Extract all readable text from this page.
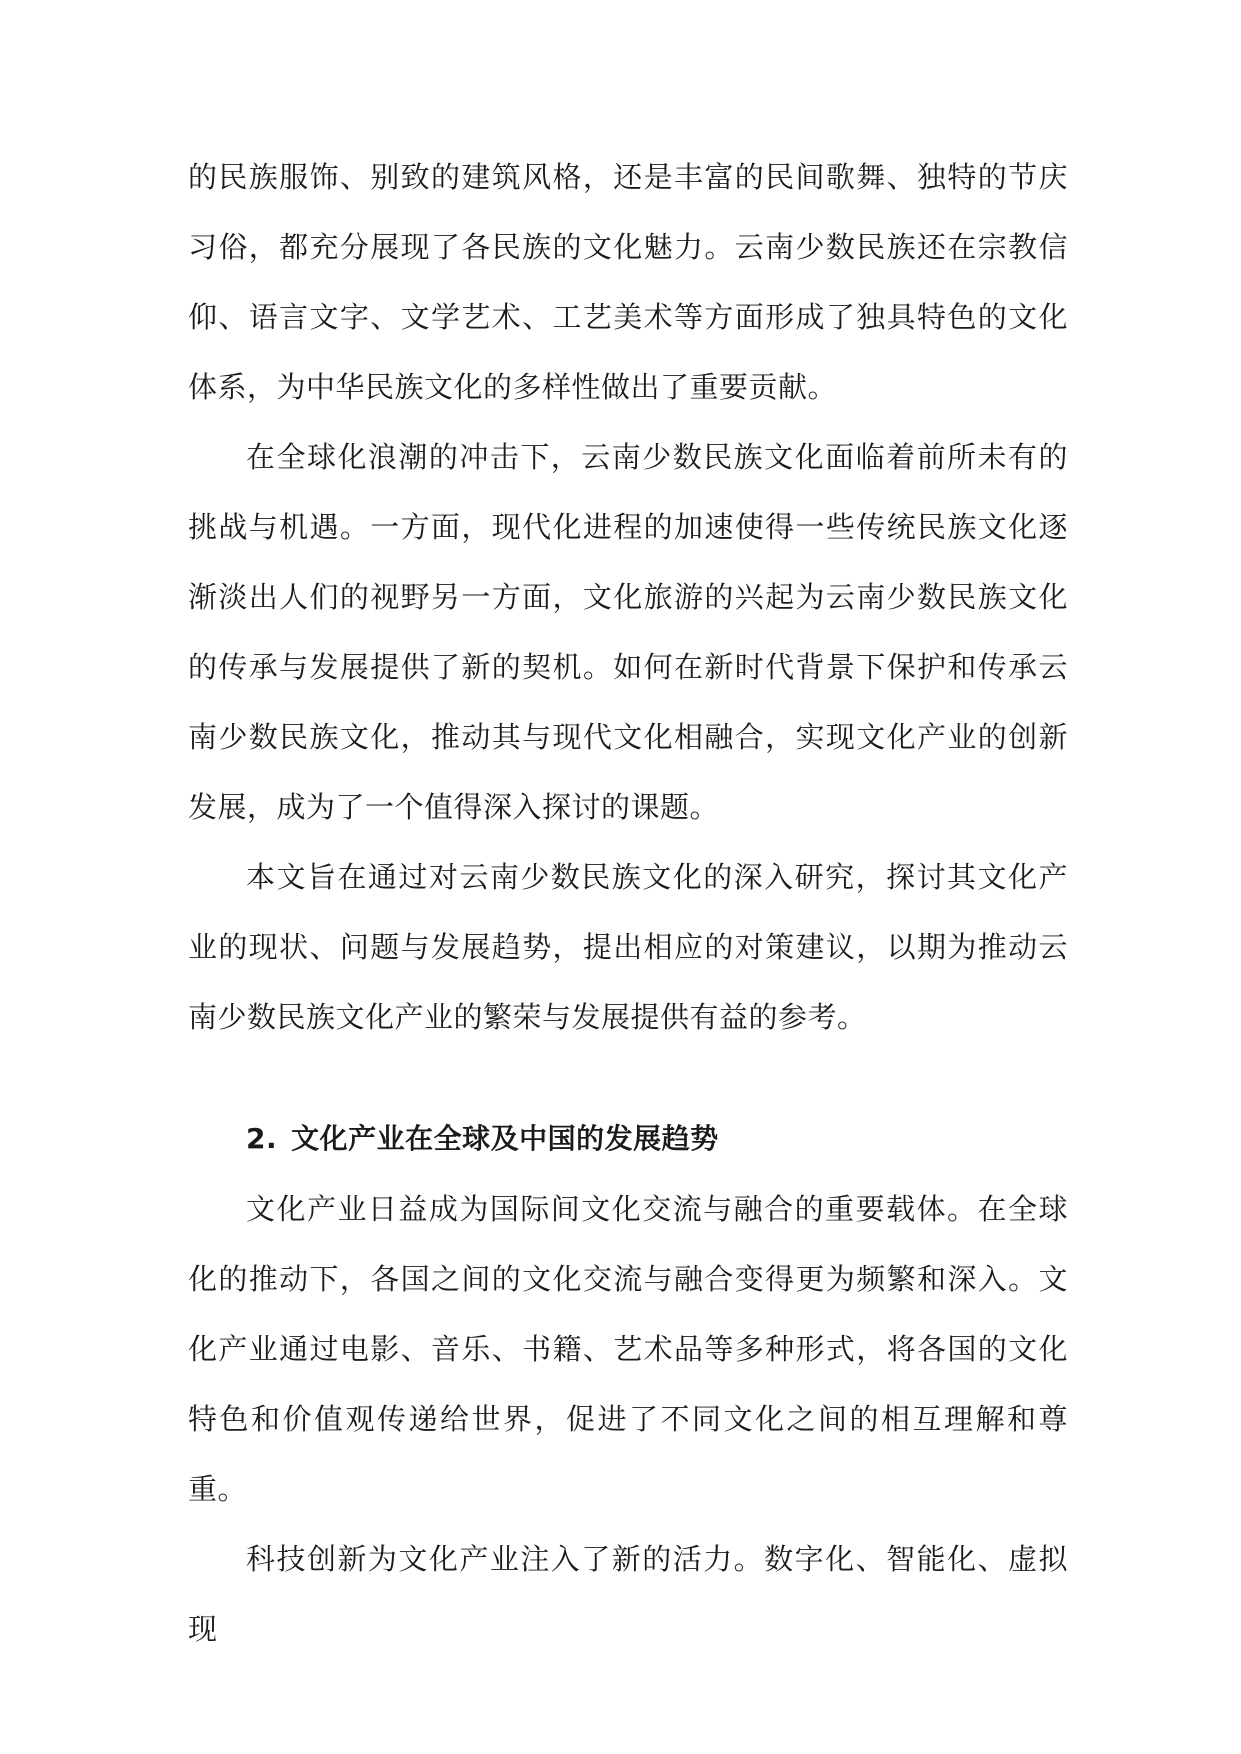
的民族服饰、别致的建筑风格，还是丰富的民间歌舞、独特的节庆习俗，都充分展现了各民族的文化魅力。云南少数民族还在宗教信仰、语言文字、文学艺术、工艺美术等方面形成了独具特色的文化体系，为中华民族文化的多样性做出了重要贡献。

在全球化浪潮的冲击下，云南少数民族文化面临着前所未有的挑战与机遇。一方面，现代化进程的加速使得一些传统民族文化逐渐淡出人们的视野另一方面，文化旅游的兴起为云南少数民族文化的传承与发展提供了新的契机。如何在新时代背景下保护和传承云南少数民族文化，推动其与现代文化相融合，实现文化产业的创新发展，成为了一个值得深入探讨的课题。

本文旨在通过对云南少数民族文化的深入研究，探讨其文化产业的现状、问题与发展趋势，提出相应的对策建议，以期为推动云南少数民族文化产业的繁荣与发展提供有益的参考。

2. 文化产业在全球及中国的发展趋势

文化产业日益成为国际间文化交流与融合的重要载体。在全球化的推动下，各国之间的文化交流与融合变得更为频繁和深入。文化产业通过电影、音乐、书籍、艺术品等多种形式，将各国的文化特色和价值观传递给世界，促进了不同文化之间的相互理解和尊重。

科技创新为文化产业注入了新的活力。数字化、智能化、虚拟现
